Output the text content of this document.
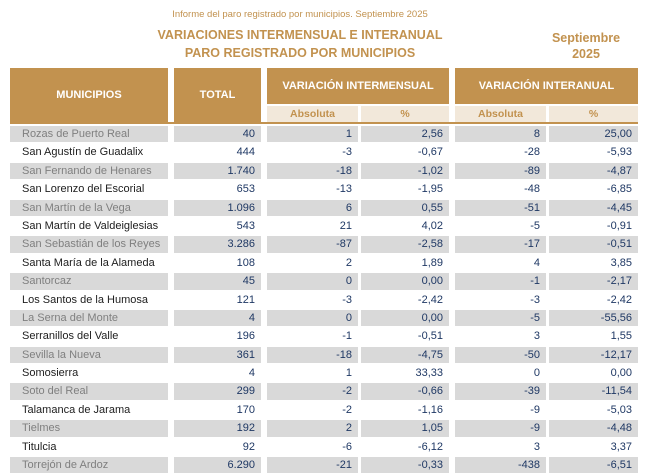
Informe del paro registrado por municipios. Septiembre 2025
VARIACIONES INTERMENSUAL E INTERANUAL
PARO REGISTRADO POR MUNICIPIOS
Septiembre
2025
MUNICIPIOS	TOTAL
VARIACIÓN INTERMENSUAL	VARIACIÓN INTERANUAL
Absoluta	%	Absoluta	%
Rozas de Puerto Real	40	1	2,56	8	25,00
San Agustín de Guadalix	444	-3	-0,67	-28	-5,93
San Fernando de Henares	1.740	-18	-1,02	-89	-4,87
San Lorenzo del Escorial	653	-13	-1,95	-48	-6,85
San Martín de la Vega	1.096	6	0,55	-51	-4,45
San Martín de Valdeiglesias	543	21	4,02	-5	-0,91
San Sebastián de los Reyes	3.286	-87	-2,58	-17	-0,51
Santa María de la Alameda	108	2	1,89	4	3,85
Santorcaz	45	0	0,00	-1	-2,17
Los Santos de la Humosa	121	-3	-2,42	-3	-2,42
La Serna del Monte	4	0	0,00	-5	-55,56
Serranillos del Valle	196	-1	-0,51	3	1,55
Sevilla la Nueva	361	-18	-4,75	-50	-12,17
Somosierra	4	1	33,33	0	0,00
Soto del Real	299	-2	-0,66	-39	-11,54
Talamanca de Jarama	170	-2	-1,16	-9	-5,03
Tielmes	192	2	1,05	-9	-4,48
Titulcia	92	-6	-6,12	3	3,37
Torrejón de Ardoz	6.290	-21	-0,33	-438	-6,51
